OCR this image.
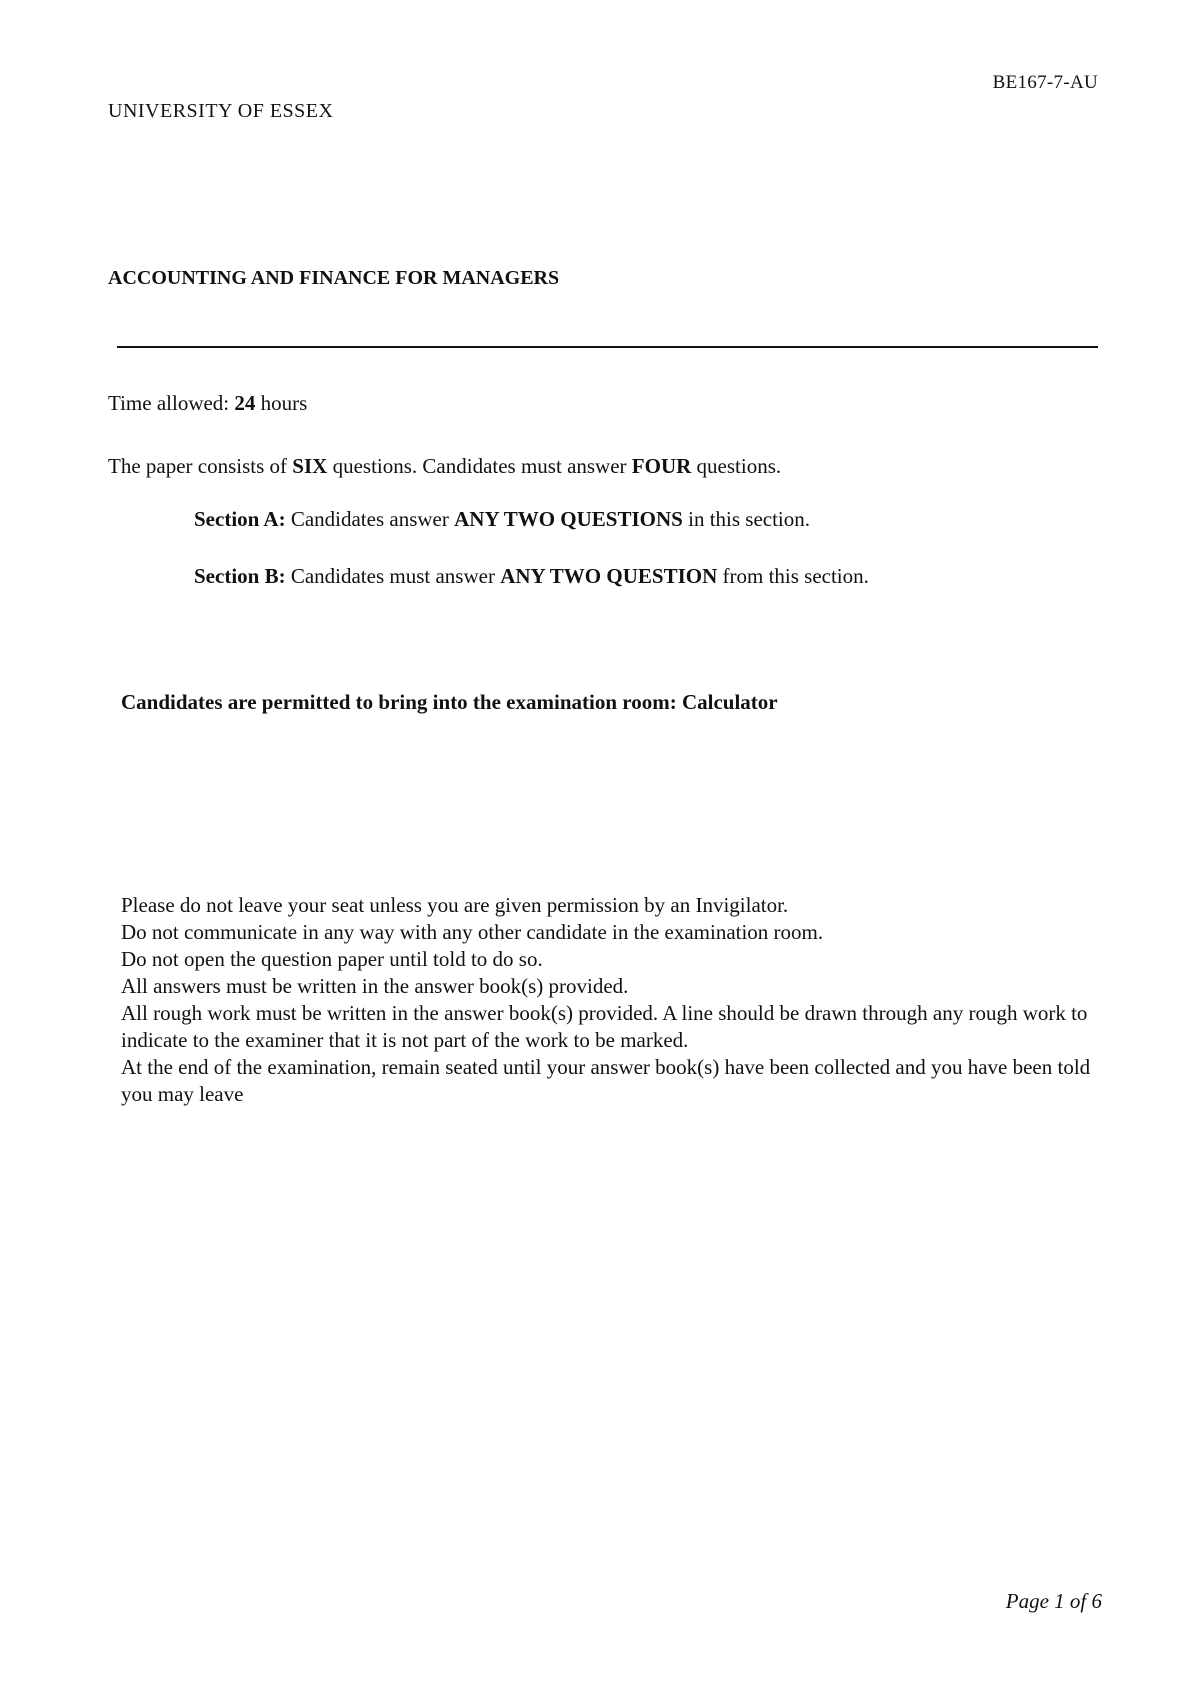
BE167-7-AU
UNIVERSITY OF ESSEX
ACCOUNTING AND FINANCE FOR MANAGERS
Time allowed: 24 hours
The paper consists of SIX questions. Candidates must answer FOUR questions.
Section A: Candidates answer ANY TWO QUESTIONS in this section.
Section B: Candidates must answer ANY TWO QUESTION from this section.
Candidates are permitted to bring into the examination room: Calculator
Please do not leave your seat unless you are given permission by an Invigilator.
Do not communicate in any way with any other candidate in the examination room.
Do not open the question paper until told to do so.
All answers must be written in the answer book(s) provided.
All rough work must be written in the answer book(s) provided. A line should be drawn through any rough work to indicate to the examiner that it is not part of the work to be marked.
At the end of the examination, remain seated until your answer book(s) have been collected and you have been told you may leave
Page 1 of 6
